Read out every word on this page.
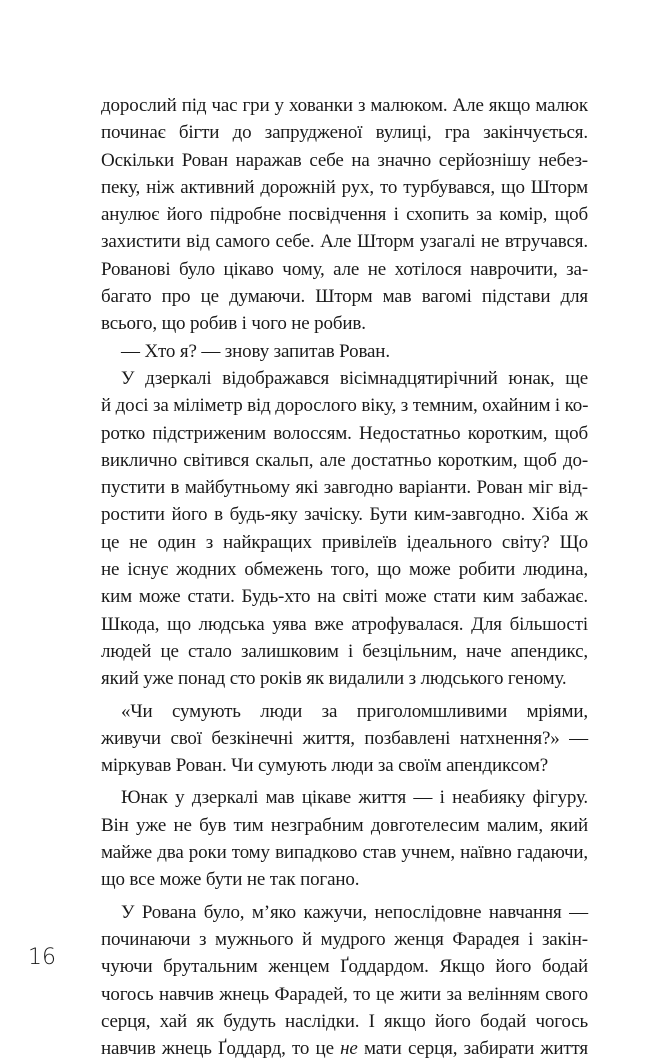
дорослий під час гри у хованки з малюком. Але якщо малюк
починає бігти до запрудженої вулиці, гра закінчується.
Оскільки Рован наражав себе на значно серйознішу небез-
пеку, ніж активний дорожній рух, то турбувався, що Шторм
анулює його підробне посвідчення і схопить за комір, щоб
захистити від самого себе. Але Шторм узагалі не втручався.
Рованові було цікаво чому, але не хотілося наврочити, за-
багато про це думаючи. Шторм мав вагомі підстави для
всього, що робив і чого не робив.
— Хто я? — знову запитав Рован.
У дзеркалі відображався вісімнадцятирічний юнак, ще
й досі за міліметр від дорослого віку, з темним, охайним і ко-
ротко підстриженим волоссям. Недостатньо коротким, щоб
виклично світився скальп, але достатньо коротким, щоб до-
пустити в майбутньому які завгодно варіанти. Рован міг від-
ростити його в будь-яку зачіску. Бути ким-завгодно. Хіба ж
це не один з найкращих привілеїв ідеального світу? Що
не існує жодних обмежень того, що може робити людина,
ким може стати. Будь-хто на світі може стати ким забажає.
Шкода, що людська уява вже атрофувалася. Для більшості
людей це стало залишковим і безцільним, наче апендикс,
який уже понад сто років як видалили з людського геному.
«Чи сумують люди за приголомшливими мріями,
живучи свої безкінечні життя, позбавлені натхнення?» —
міркував Рован. Чи сумують люди за своїм апендиксом?
Юнак у дзеркалі мав цікаве життя — і неабияку фігуру.
Він уже не був тим незграбним довготелесим малим, який
майже два роки тому випадково став учнем, наївно гадаючи,
що все може бути не так погано.
У Рована було, м’яко кажучи, непослідовне навчання —
починаючи з мужнього й мудрого женця Фарадея і закін-
чуючи брутальним женцем Ґоддардом. Якщо його бодай
чогось навчив жнець Фарадей, то це жити за велінням свого
серця, хай як будуть наслідки. І якщо його бодай чогось
навчив жнець Ґоддард, то це не мати серця, забирати життя
16
